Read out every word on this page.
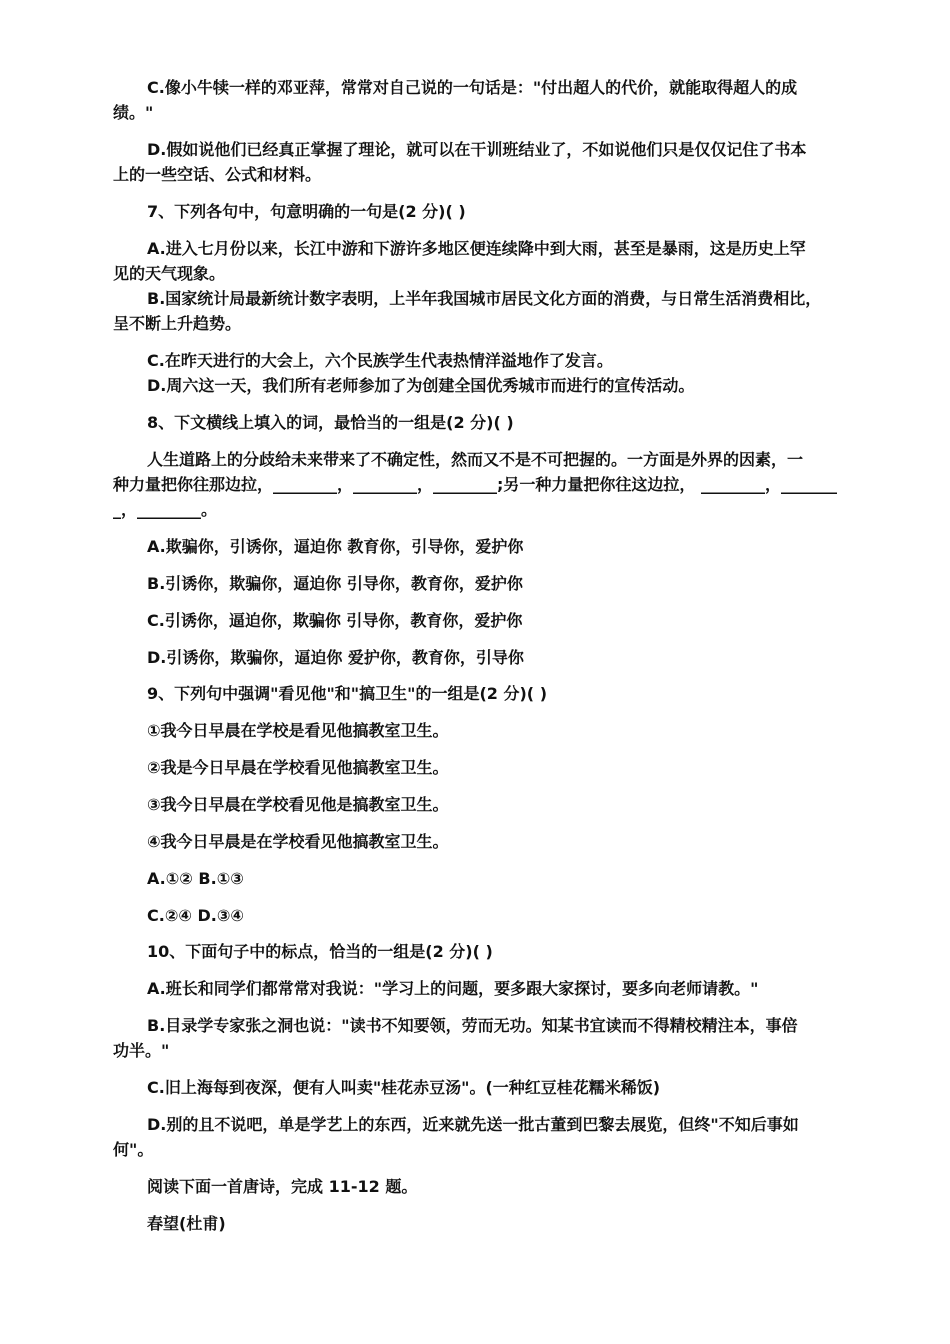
C.像小牛犊一样的邓亚萍，常常对自己说的一句话是："付出超人的代价，就能取得超人的成
绩。"
D.假如说他们已经真正掌握了理论，就可以在干训班结业了，不如说他们只是仅仅记住了书本
上的一些空话、公式和材料。
7、下列各句中，句意明确的一句是(2 分)( )
A.进入七月份以来，长江中游和下游许多地区便连续降中到大雨，甚至是暴雨，这是历史上罕
见的天气现象。
B.国家统计局最新统计数字表明，上半年我国城市居民文化方面的消费，与日常生活消费相比，
呈不断上升趋势。
C.在昨天进行的大会上，六个民族学生代表热情洋溢地作了发言。
D.周六这一天，我们所有老师参加了为创建全国优秀城市而进行的宣传活动。
8、下文横线上填入的词，最恰当的一组是(2 分)( )
人生道路上的分歧给未来带来了不确定性，然而又不是不可把握的。一方面是外界的因素，一
种力量把你往那边拉，________，________，________;另一种力量把你往这边拉， ________，_______
_，________。
A.欺骗你，引诱你，逼迫你 教育你，引导你，爱护你
B.引诱你，欺骗你，逼迫你 引导你，教育你，爱护你
C.引诱你，逼迫你，欺骗你 引导你，教育你，爱护你
D.引诱你，欺骗你，逼迫你 爱护你，教育你，引导你
9、下列句中强调"看见他"和"搞卫生"的一组是(2 分)( )
①我今日早晨在学校是看见他搞教室卫生。
②我是今日早晨在学校看见他搞教室卫生。
③我今日早晨在学校看见他是搞教室卫生。
④我今日早晨是在学校看见他搞教室卫生。
A.①② B.①③
C.②④ D.③④
10、下面句子中的标点，恰当的一组是(2 分)( )
A.班长和同学们都常常对我说："学习上的问题，要多跟大家探讨，要多向老师请教。"
B.目录学专家张之洞也说："读书不知要领，劳而无功。知某书宜读而不得精校精注本，事倍
功半。"
C.旧上海每到夜深，便有人叫卖"桂花赤豆汤"。(一种红豆桂花糯米稀饭)
D.别的且不说吧，单是学艺上的东西，近来就先送一批古董到巴黎去展览，但终"不知后事如
何"。
阅读下面一首唐诗，完成 11-12 题。
春望(杜甫)
